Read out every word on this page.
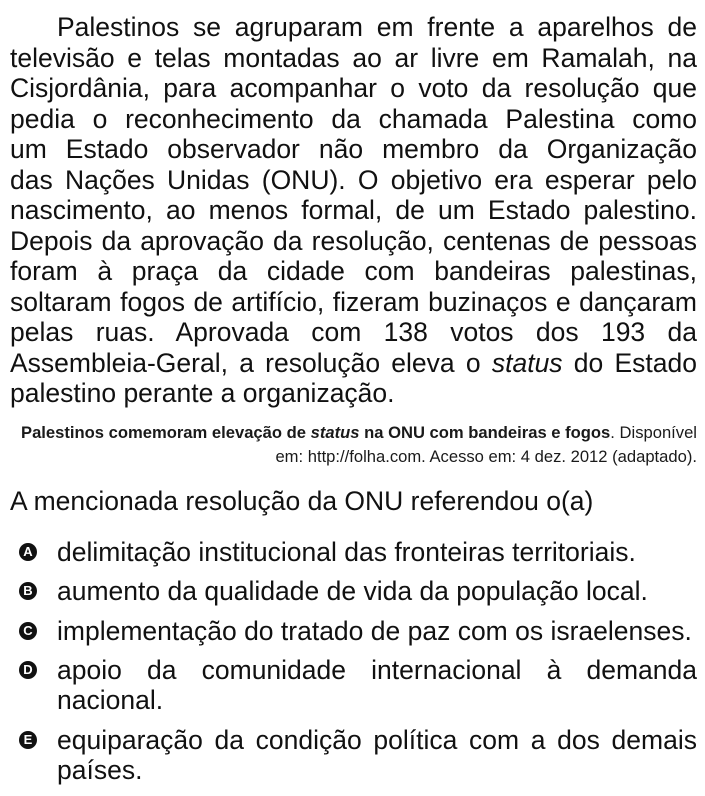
Palestinos se agruparam em frente a aparelhos de
televisão e telas montadas ao ar livre em Ramalah, na
Cisjordânia, para acompanhar o voto da resolução que
pedia o reconhecimento da chamada Palestina como
um Estado observador não membro da Organização
das Nações Unidas (ONU). O objetivo era esperar pelo
nascimento, ao menos formal, de um Estado palestino.
Depois da aprovação da resolução, centenas de pessoas
foram à praça da cidade com bandeiras palestinas,
soltaram fogos de artifício, fizeram buzinaços e dançaram
pelas ruas. Aprovada com 138 votos dos 193 da
Assembleia-Geral, a resolução eleva o status do Estado
palestino perante a organização.
Palestinos comemoram elevação de status na ONU com bandeiras e fogos. Disponível
em: http://folha.com. Acesso em: 4 dez. 2012 (adaptado).
A mencionada resolução da ONU referendou o(a)
A delimitação institucional das fronteiras territoriais.
B aumento da qualidade de vida da população local.
C implementação do tratado de paz com os israelenses.
D apoio da comunidade internacional à demanda
nacional.
E equiparação da condição política com a dos demais
países.
